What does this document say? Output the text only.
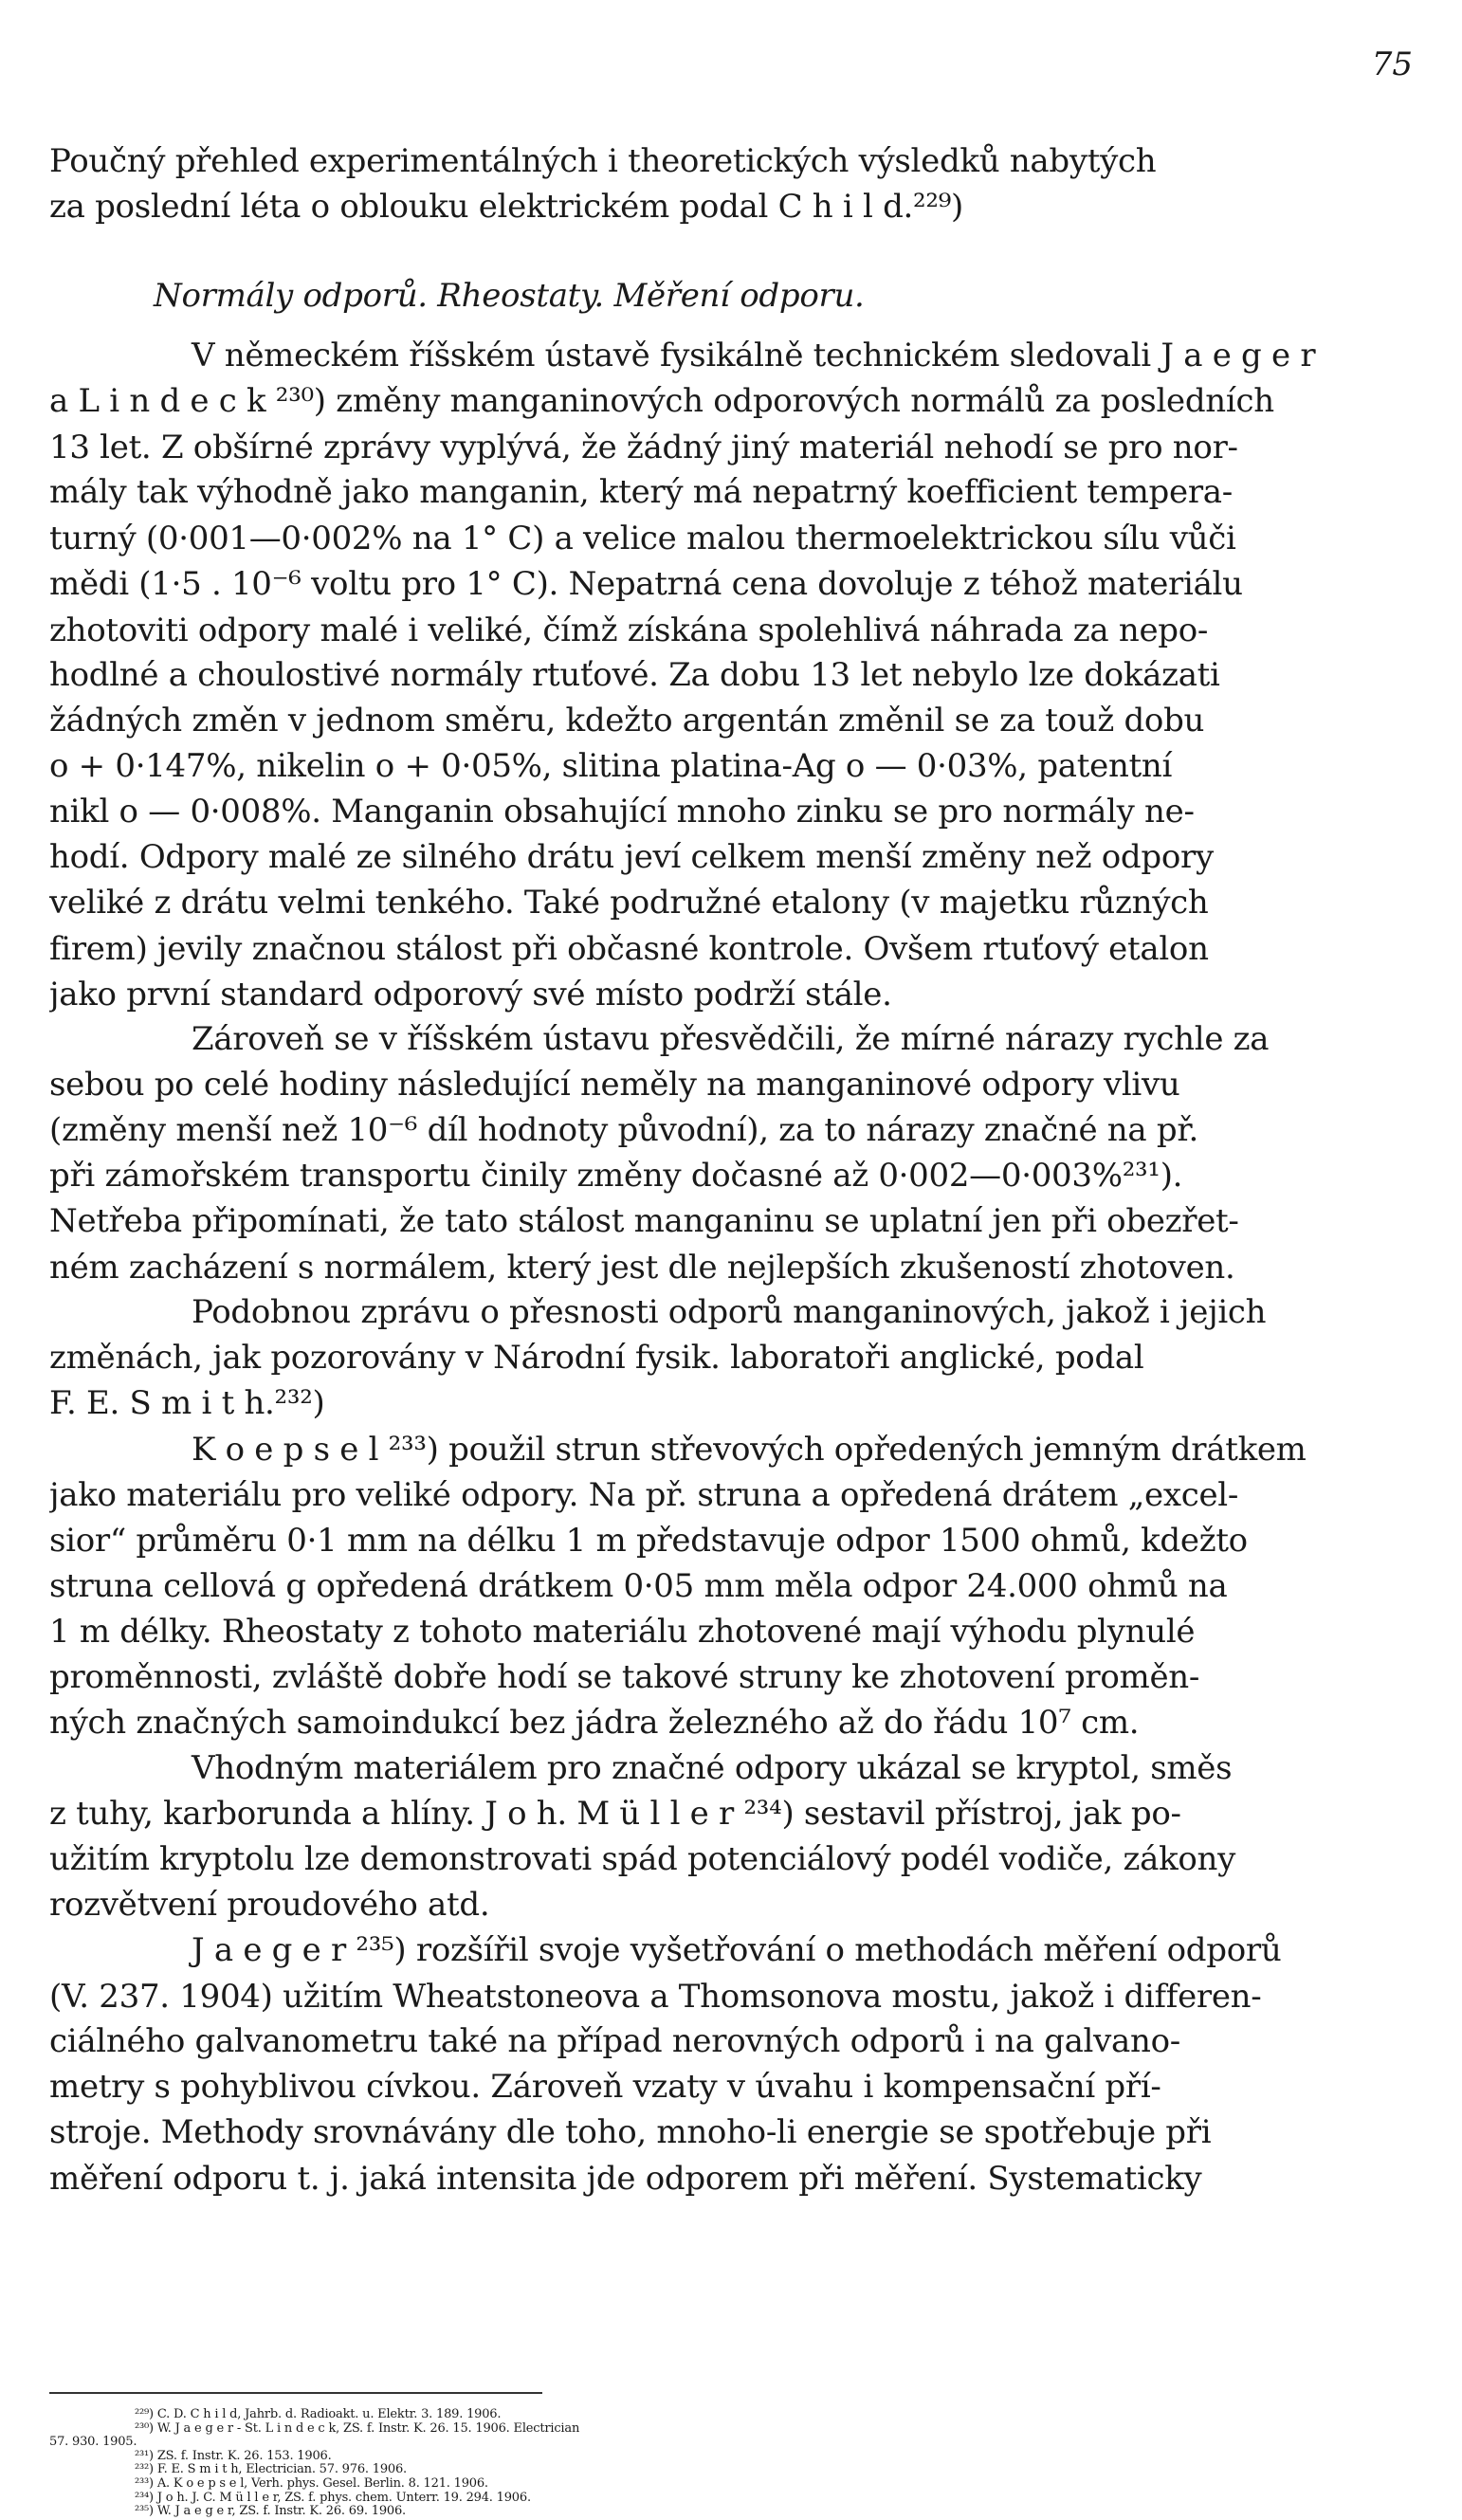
75
Poučný přehled experimentálných i theoretických výsledků nabytých
za poslední léta o oblouku elektrickém podal C h i l d.²²⁹)
Normály odporů. Rheostaty. Měření odporu.
V německém říšském ústavě fysikálně technickém sledovali J a e g e r
a L i n d e c k ²³⁰) změny manganinových odporových normálů za posledních
13 let. Z obšírné zprávy vyplývá, že žádný jiný materiál nehodí se pro nor-
mály tak výhodně jako manganin, který má nepatrný koefficient tempera-
turný (0·001—0·002% na 1° C) a velice malou thermoelektrickou sílu vůči
mědi (1·5 . 10⁻⁶ voltu pro 1° C). Nepatrná cena dovoluje z téhož materiálu
zhotoviti odpory malé i veliké, čímž získána spolehlivá náhrada za nepo-
hodlné a choulostivé normály rtuťové. Za dobu 13 let nebylo lze dokázati
žádných změn v jednom směru, kdežto argentán změnil se za touž dobu
o + 0·147%, nikelin o + 0·05%, slitina platina-Ag o — 0·03%, patentní
nikl o — 0·008%. Manganin obsahující mnoho zinku se pro normály ne-
hodí. Odpory malé ze silného drátu jeví celkem menší změny než odpory
veliké z drátu velmi tenkého. Také podružné etalony (v majetku různých
firem) jevily značnou stálost při občasné kontrole. Ovšem rtuťový etalon
jako první standard odporový své místo podrží stále.
Zároveň se v říšském ústavu přesvědčili, že mírné nárazy rychle za
sebou po celé hodiny následující neměly na manganinové odpory vlivu
(změny menší než 10⁻⁶ díl hodnoty původní), za to nárazy značné na př.
při zámořském transportu činily změny dočasné až 0·002—0·003%²³¹).
Netřeba připomínati, že tato stálost manganinu se uplatní jen při obezřet-
ném zacházení s normálem, který jest dle nejlepších zkušeností zhotoven.
Podobnou zprávu o přesnosti odporů manganinových, jakož i jejich
změnách, jak pozorovány v Národní fysik. laboratoři anglické, podal
F. E. S m i t h.²³²)
K o e p s e l ²³³) použil strun střevových opředených jemným drátkem
jako materiálu pro veliké odpory. Na př. struna a opředená drátem „excel-
sior“ průměru 0·1 mm na délku 1 m představuje odpor 1500 ohmů, kdežto
struna cellová g opředená drátkem 0·05 mm měla odpor 24.000 ohmů na
1 m délky. Rheostaty z tohoto materiálu zhotovené mají výhodu plynulé
proměnnosti, zvláště dobře hodí se takové struny ke zhotovení proměn-
ných značných samoindukcí bez jádra železného až do řádu 10⁷ cm.
Vhodným materiálem pro značné odpory ukázal se kryptol, směs
z tuhy, karborunda a hlíny. J o h. M ü l l e r ²³⁴) sestavil přístroj, jak po-
užitím kryptolu lze demonstrovati spád potenciálový podél vodiče, zákony
rozvětvení proudového atd.
J a e g e r ²³⁵) rozšířil svoje vyšetřování o methodách měření odporů
(V. 237. 1904) užitím Wheatstoneova a Thomsonova mostu, jakož i differen-
ciálného galvanometru také na případ nerovných odporů i na galvano-
metry s pohyblivou cívkou. Zároveň vzaty v úvahu i kompensační pří-
stroje. Methody srovnávány dle toho, mnoho-li energie se spotřebuje při
měření odporu t. j. jaká intensita jde odporem při měření. Systematicky
²²⁹) C. D. C h i l d, Jahrb. d. Radioakt. u. Elektr. 3. 189. 1906.
²³⁰) W. J a e g e r - St. L i n d e c k, ZS. f. Instr. K. 26. 15. 1906. Electrician
57. 930. 1905.
²³¹) ZS. f. Instr. K. 26. 153. 1906.
²³²) F. E. S m i t h, Electrician. 57. 976. 1906.
²³³) A. K o e p s e l, Verh. phys. Gesel. Berlin. 8. 121. 1906.
²³⁴) J o h. J. C. M ü l l e r, ZS. f. phys. chem. Unterr. 19. 294. 1906.
²³⁵) W. J a e g e r, ZS. f. Instr. K. 26. 69. 1906.
